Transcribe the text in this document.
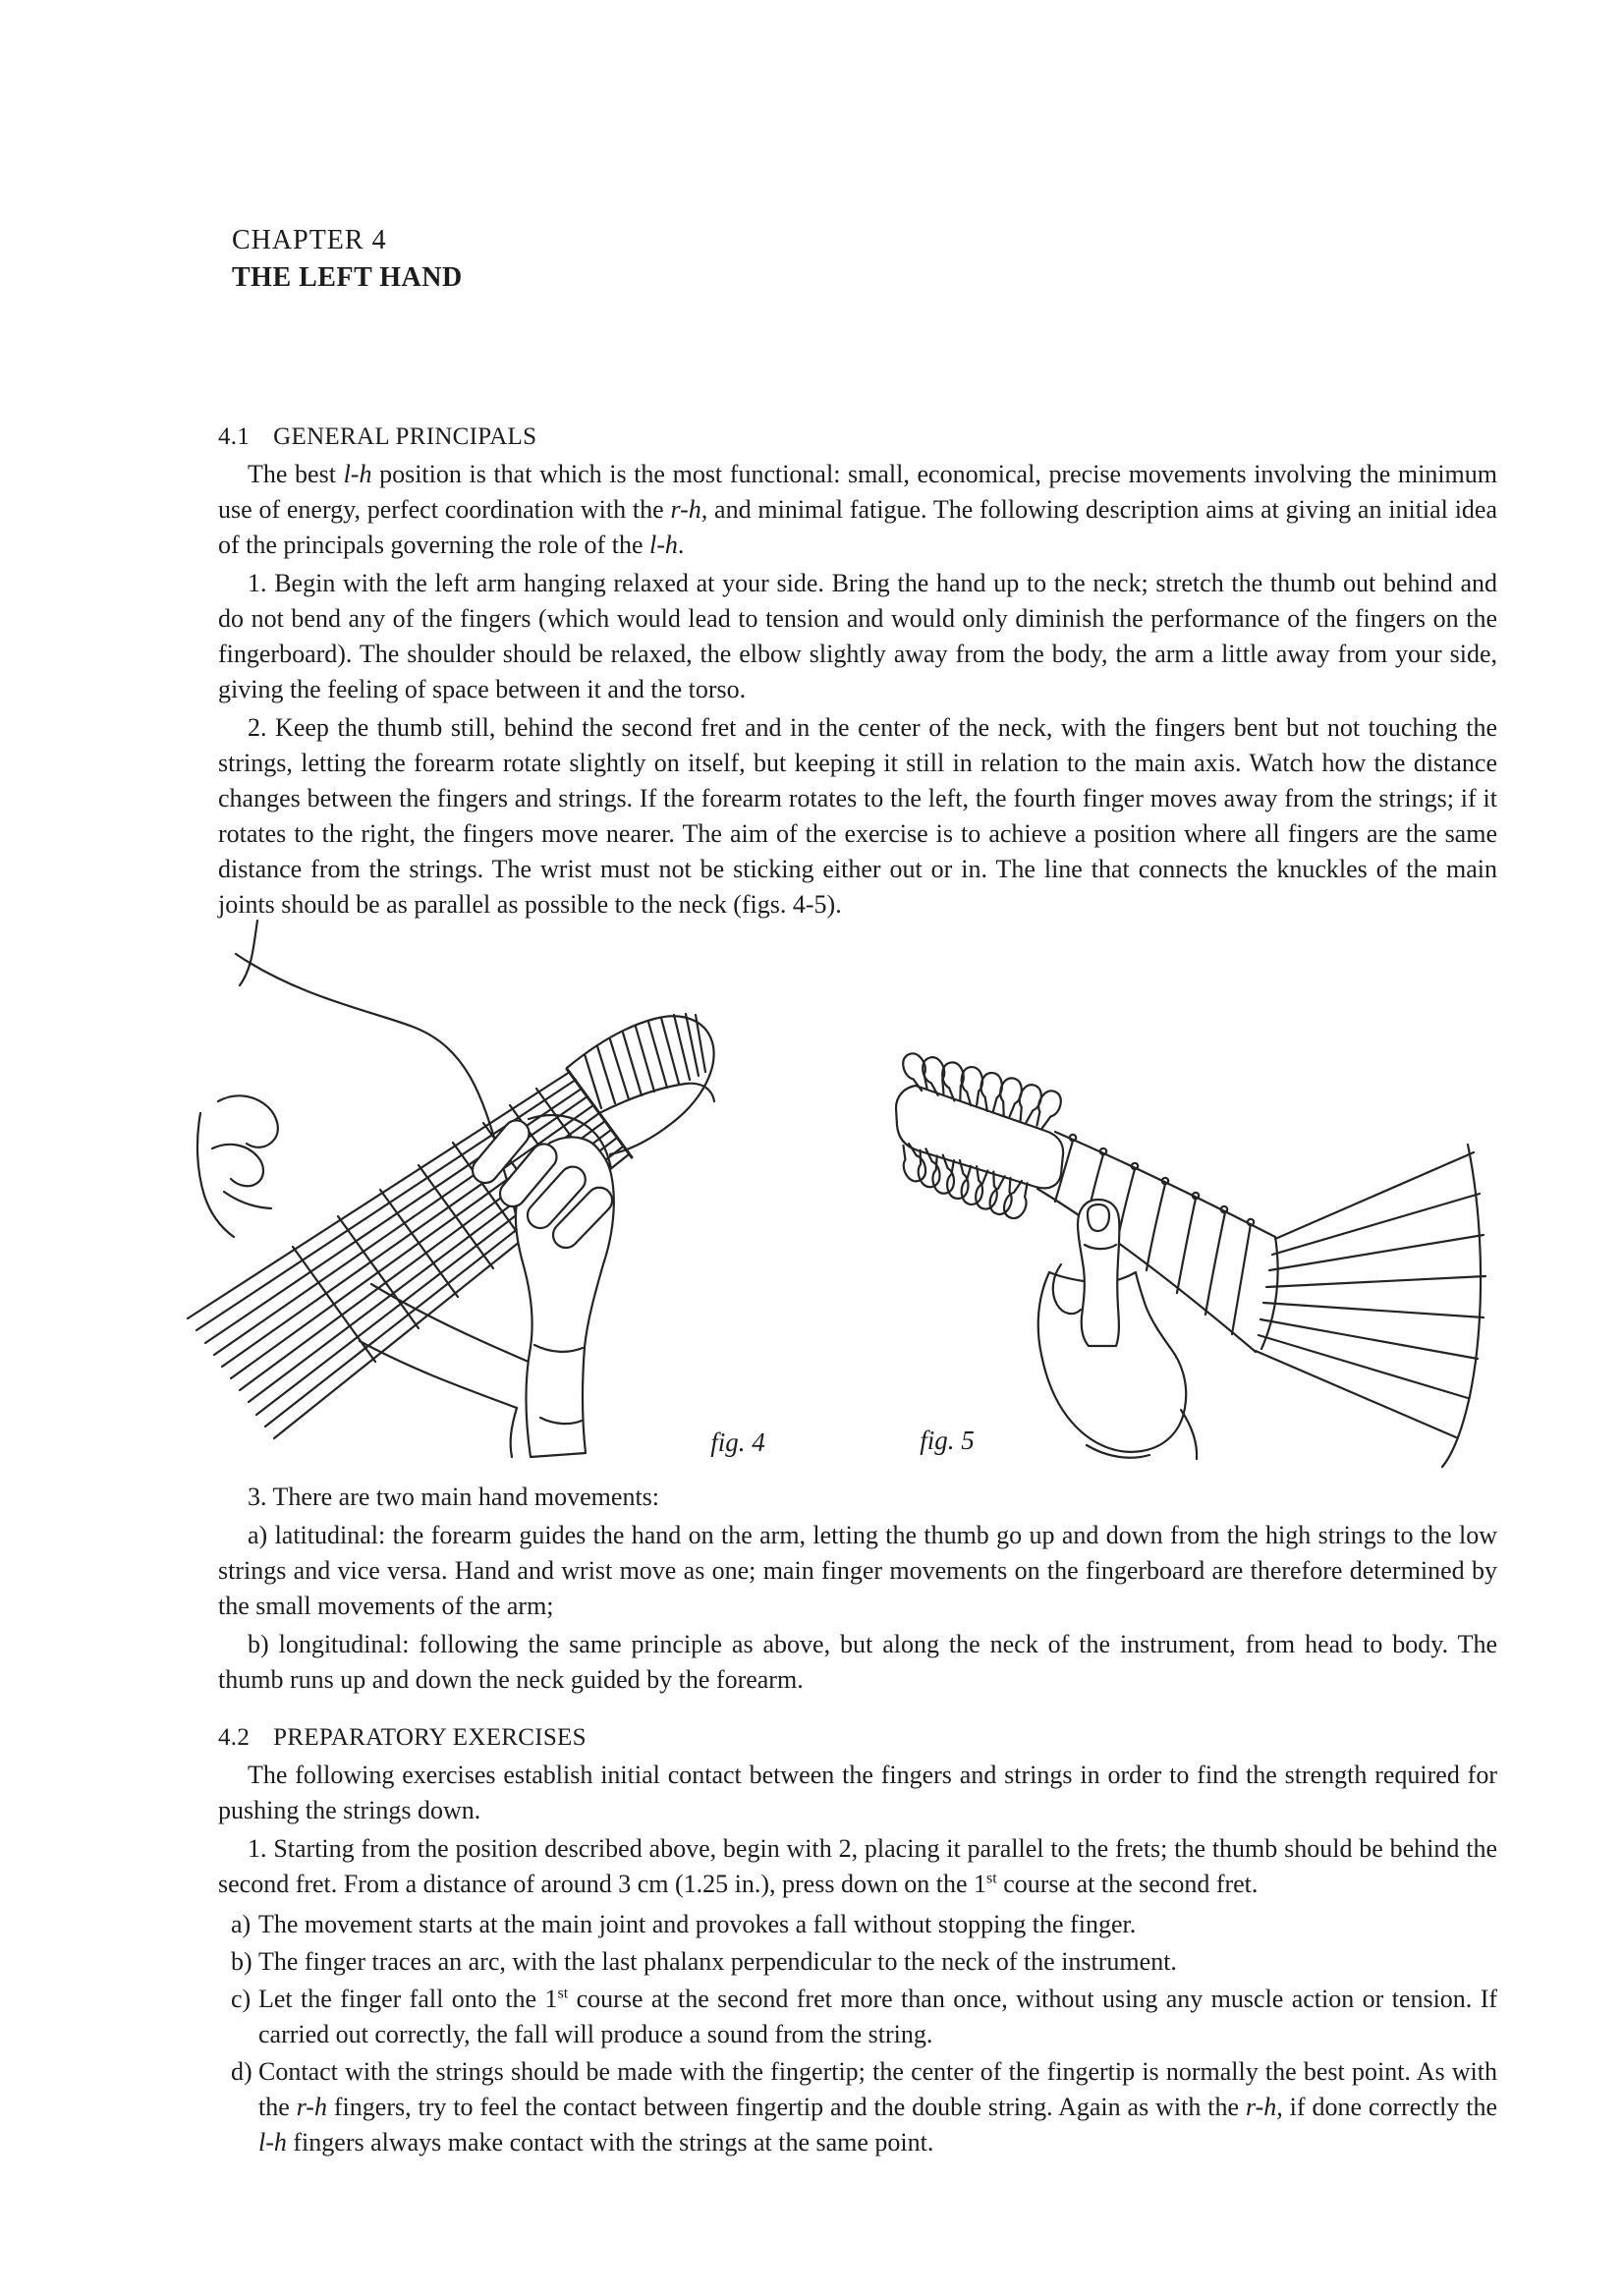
CHAPTER 4
THE LEFT HAND
4.1 GENERAL PRINCIPALS

The best l-h position is that which is the most functional: small, economical, precise movements involving the minimum use of energy, perfect coordination with the r-h, and minimal fatigue. The following description aims at giving an initial idea of the principals governing the role of the l-h.

1. Begin with the left arm hanging relaxed at your side. Bring the hand up to the neck; stretch the thumb out behind and do not bend any of the fingers (which would lead to tension and would only diminish the performance of the fingers on the fingerboard). The shoulder should be relaxed, the elbow slightly away from the body, the arm a little away from your side, giving the feeling of space between it and the torso.

2. Keep the thumb still, behind the second fret and in the center of the neck, with the fingers bent but not touching the strings, letting the forearm rotate slightly on itself, but keeping it still in relation to the main axis. Watch how the distance changes between the fingers and strings. If the forearm rotates to the left, the fourth finger moves away from the strings; if it rotates to the right, the fingers move nearer. The aim of the exercise is to achieve a position where all fingers are the same distance from the strings. The wrist must not be sticking either out or in. The line that connects the knuckles of the main joints should be as parallel as possible to the neck (figs. 4-5).

fig. 4	fig. 5

3. There are two main hand movements:

a) latitudinal: the forearm guides the hand on the arm, letting the thumb go up and down from the high strings to the low strings and vice versa. Hand and wrist move as one; main finger movements on the fingerboard are therefore determined by the small movements of the arm;

b) longitudinal: following the same principle as above, but along the neck of the instrument, from head to body. The thumb runs up and down the neck guided by the forearm.

4.2 PREPARATORY EXERCISES

The following exercises establish initial contact between the fingers and strings in order to find the strength required for pushing the strings down.

1. Starting from the position described above, begin with 2, placing it parallel to the frets; the thumb should be behind the second fret. From a distance of around 3 cm (1.25 in.), press down on the 1st course at the second fret.

a) The movement starts at the main joint and provokes a fall without stopping the finger.
b) The finger traces an arc, with the last phalanx perpendicular to the neck of the instrument.
c) Let the finger fall onto the 1st course at the second fret more than once, without using any muscle action or tension. If carried out correctly, the fall will produce a sound from the string.
d) Contact with the strings should be made with the fingertip; the center of the fingertip is normally the best point. As with the r-h fingers, try to feel the contact between fingertip and the double string. Again as with the r-h, if done correctly the l-h fingers always make contact with the strings at the same point.
